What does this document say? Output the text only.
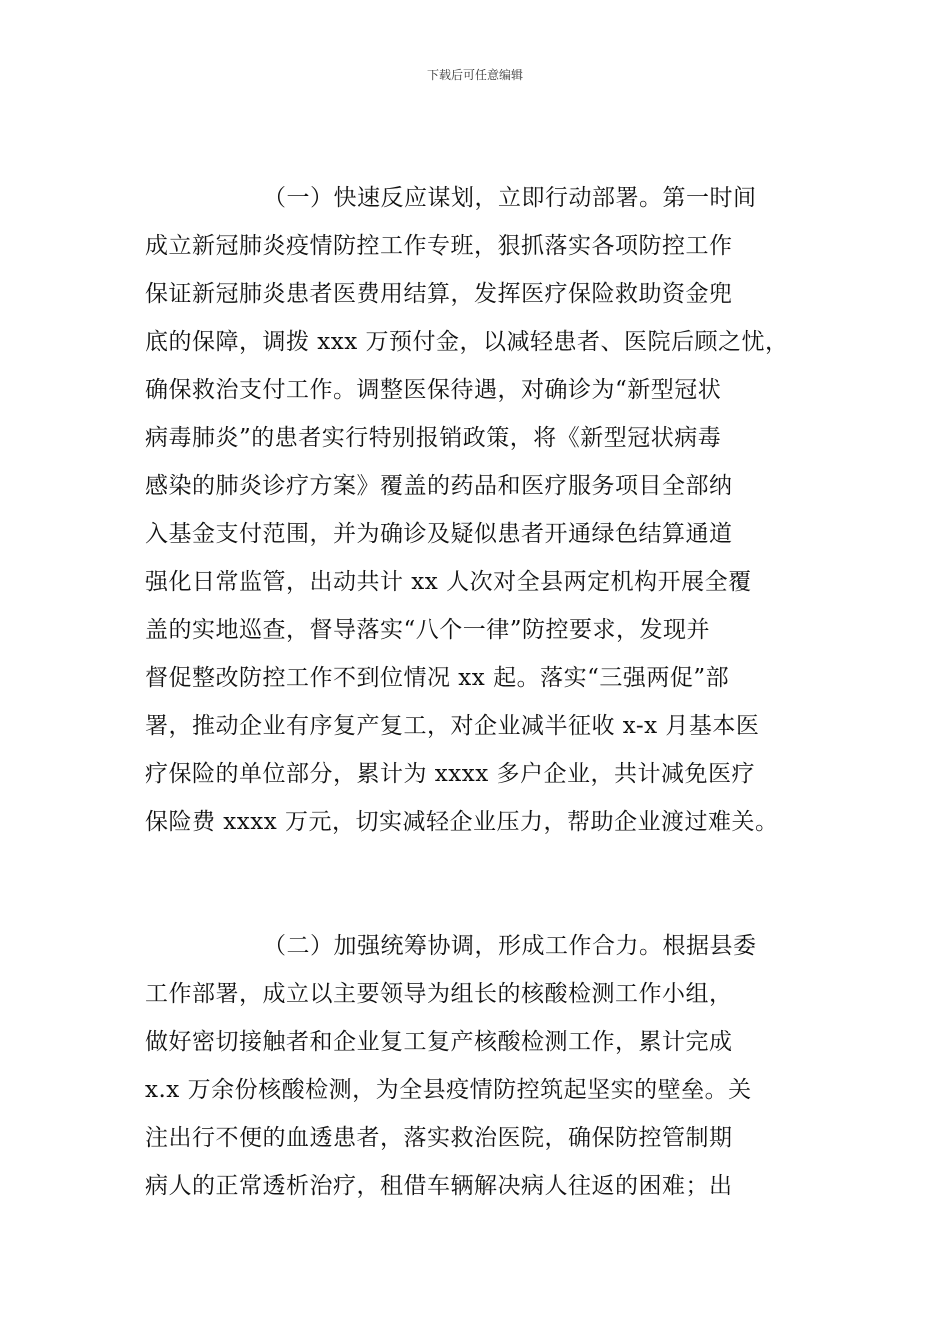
下载后可任意编辑
（一）快速反应谋划，立即行动部署。第一时间
成立新冠肺炎疫情防控工作专班，狠抓落实各项防控工作
保证新冠肺炎患者医费用结算，发挥医疗保险救助资金兜
底的保障，调拨 xxx 万预付金，以减轻患者、医院后顾之忧，
确保救治支付工作。调整医保待遇，对确诊为“新型冠状
病毒肺炎”的患者实行特别报销政策，将《新型冠状病毒
感染的肺炎诊疗方案》覆盖的药品和医疗服务项目全部纳
入基金支付范围，并为确诊及疑似患者开通绿色结算通道
强化日常监管，出动共计 xx 人次对全县两定机构开展全覆
盖的实地巡查，督导落实“八个一律”防控要求，发现并
督促整改防控工作不到位情况 xx 起。落实“三强两促”部
署，推动企业有序复产复工，对企业减半征收 x-x 月基本医
疗保险的单位部分，累计为 xxxx 多户企业，共计减免医疗
保险费 xxxx 万元，切实减轻企业压力，帮助企业渡过难关。
（二）加强统筹协调，形成工作合力。根据县委
工作部署，成立以主要领导为组长的核酸检测工作小组，
做好密切接触者和企业复工复产核酸检测工作，累计完成
x.x 万余份核酸检测，为全县疫情防控筑起坚实的壁垒。关
注出行不便的血透患者，落实救治医院，确保防控管制期
病人的正常透析治疗，租借车辆解决病人往返的困难；出
